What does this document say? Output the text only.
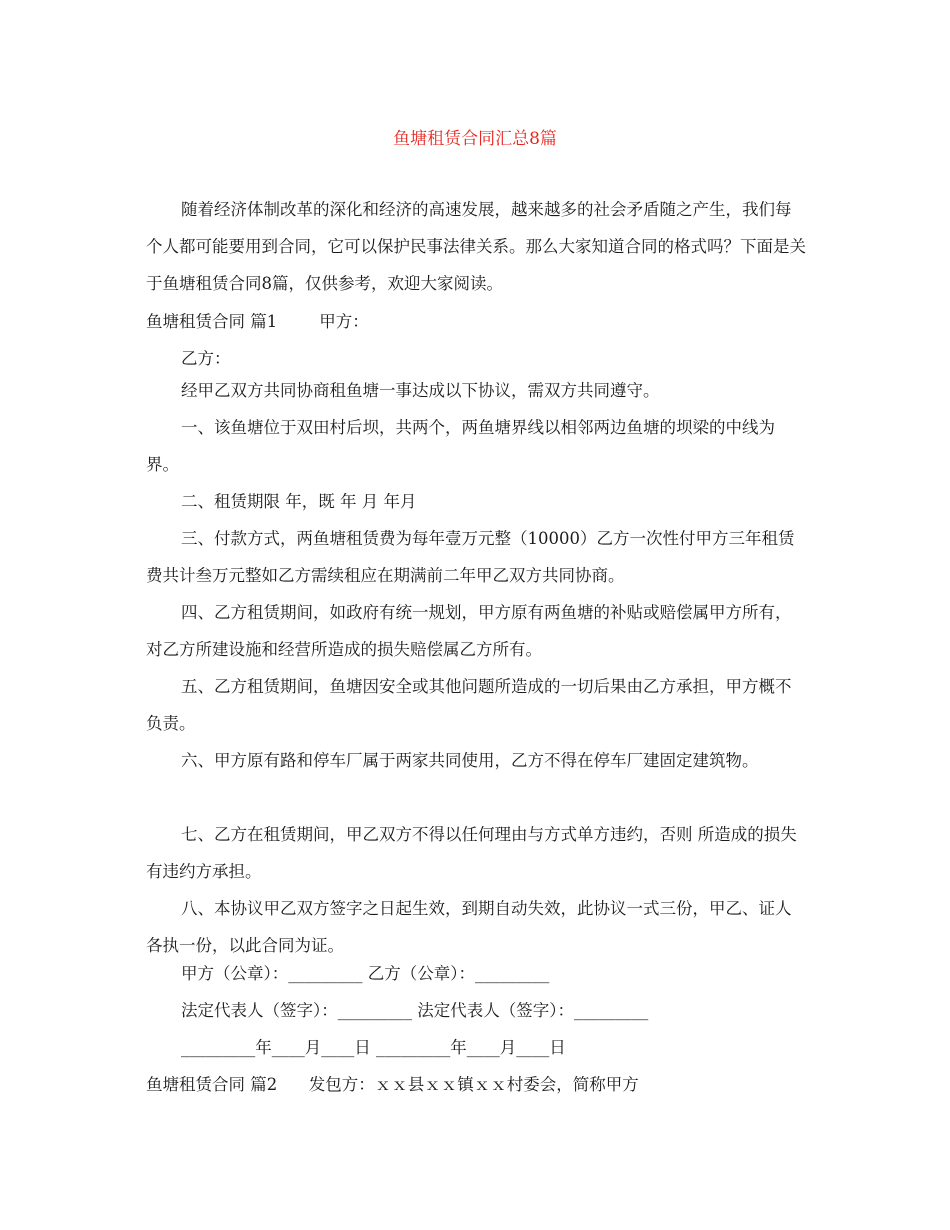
鱼塘租赁合同汇总8篇

随着经济体制改革的深化和经济的高速发展，越来越多的社会矛盾随之产生，我们每个人都可能要用到合同，它可以保护民事法律关系。那么大家知道合同的格式吗？下面是关于鱼塘租赁合同8篇，仅供参考，欢迎大家阅读。

鱼塘租赁合同 篇1	甲方：

乙方：

经甲乙双方共同协商租鱼塘一事达成以下协议，需双方共同遵守。

一、该鱼塘位于双田村后坝，共两个，两鱼塘界线以相邻两边鱼塘的坝梁的中线为界。

二、租赁期限 年，既 年 月 年月

三、付款方式，两鱼塘租赁费为每年壹万元整（10000）乙方一次性付甲方三年租赁费共计叁万元整如乙方需续租应在期满前二年甲乙双方共同协商。

四、乙方租赁期间，如政府有统一规划，甲方原有两鱼塘的补贴或赔偿属甲方所有，对乙方所建设施和经营所造成的损失赔偿属乙方所有。

五、乙方租赁期间，鱼塘因安全或其他问题所造成的一切后果由乙方承担，甲方概不负责。

六、甲方原有路和停车厂属于两家共同使用，乙方不得在停车厂建固定建筑物。

七、乙方在租赁期间，甲乙双方不得以任何理由与方式单方违约，否则 所造成的损失有违约方承担。

八、本协议甲乙双方签字之日起生效，到期自动失效，此协议一式三份，甲乙、证人各执一份，以此合同为证。

甲方（公章）：_________ 乙方（公章）：_________

法定代表人（签字）：_________ 法定代表人（签字）：_________

_________年____月____日 _________年____月____日

鱼塘租赁合同 篇2 发包方：ｘｘ县ｘｘ镇ｘｘ村委会，简称甲方
